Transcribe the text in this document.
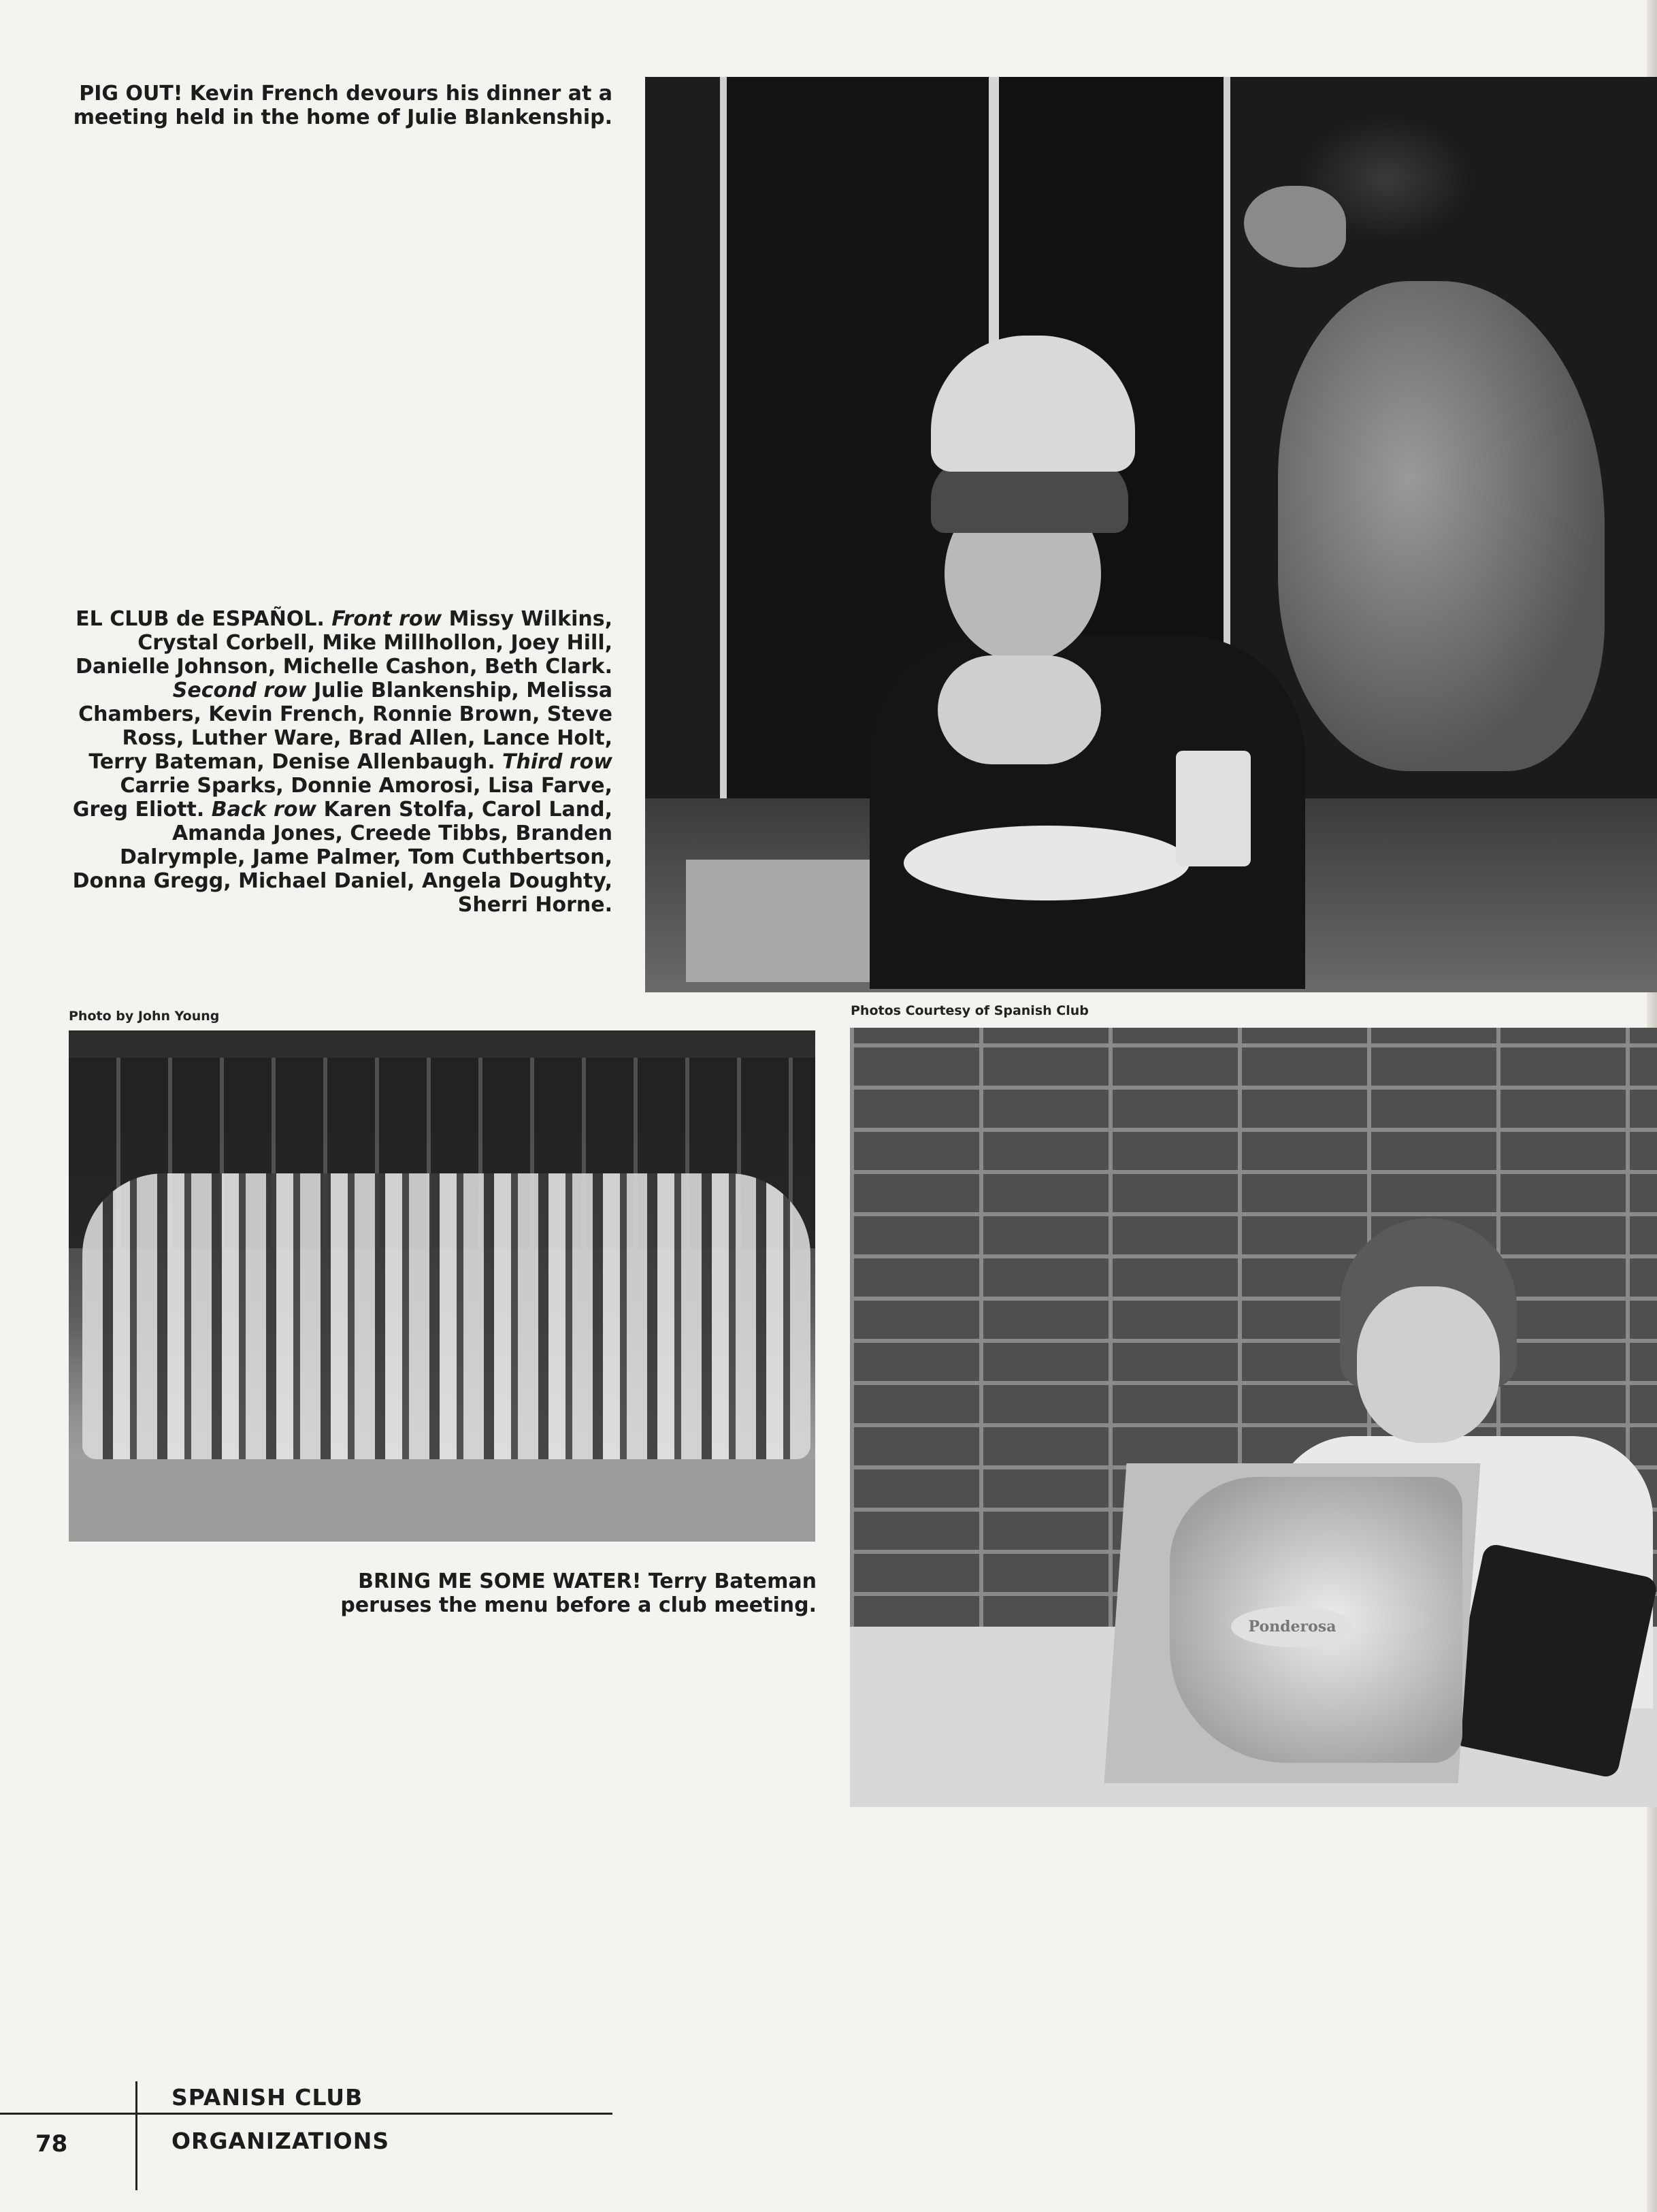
PIG OUT! Kevin French devours his dinner at a meeting held in the home of Julie Blankenship.
EL CLUB de ESPAÑOL. Front row Missy Wilkins, Crystal Corbell, Mike Millhollon, Joey Hill, Danielle Johnson, Michelle Cashon, Beth Clark. Second row Julie Blankenship, Melissa Chambers, Kevin French, Ronnie Brown, Steve Ross, Luther Ware, Brad Allen, Lance Holt, Terry Bateman, Denise Allenbaugh. Third row Carrie Sparks, Donnie Amorosi, Lisa Farve, Greg Eliott. Back row Karen Stolfa, Carol Land, Amanda Jones, Creede Tibbs, Branden Dalrymple, Jame Palmer, Tom Cuthbertson, Donna Gregg, Michael Daniel, Angela Doughty, Sherri Horne.
Photo by John Young	Photos Courtesy of Spanish Club
BRING ME SOME WATER! Terry Bateman peruses the menu before a club meeting.
Ponderosa
78
SPANISH CLUB
ORGANIZATIONS
